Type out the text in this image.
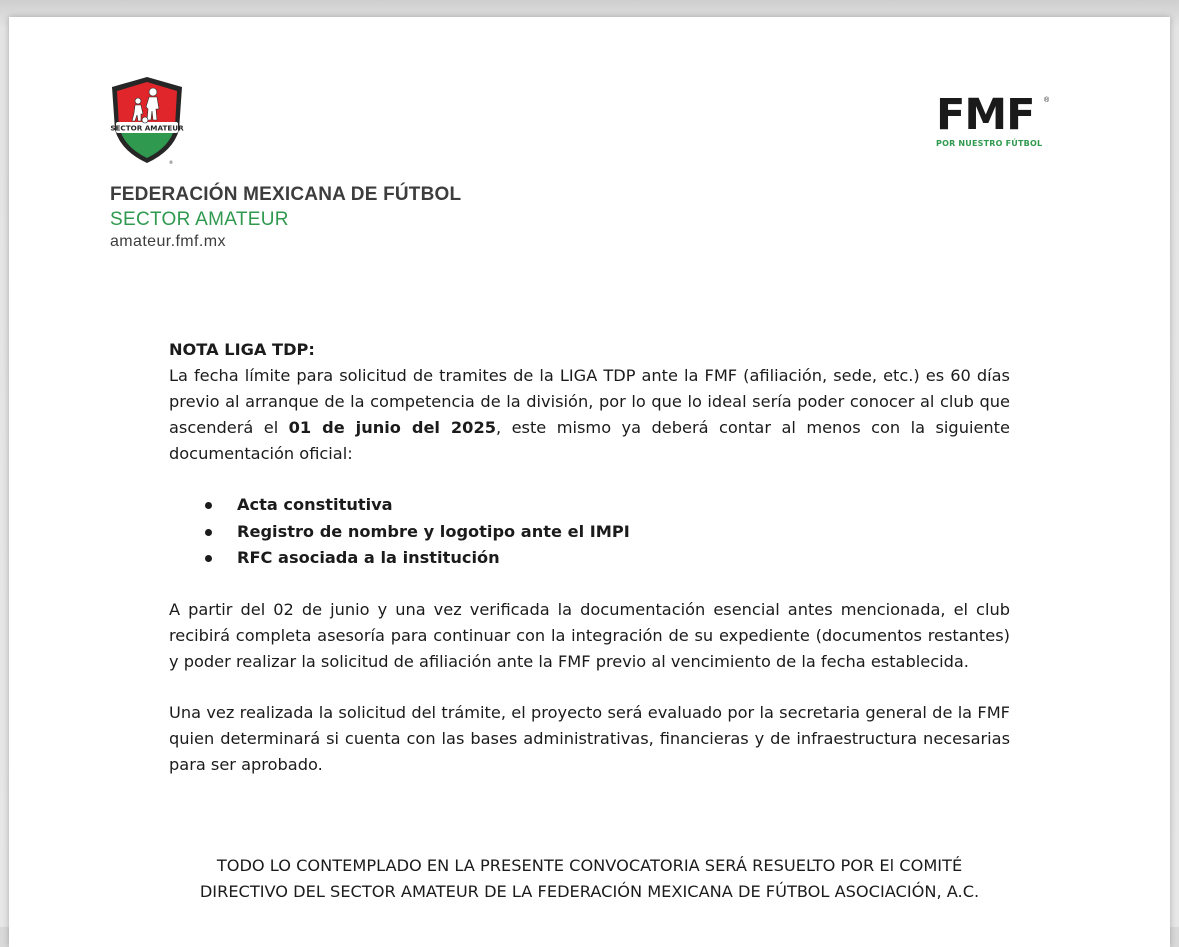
SECTOR AMATEUR
®
FEDERACIÓN MEXICANA DE FÚTBOL
SECTOR AMATEUR
amateur.fmf.mx
FMF	®
POR NUESTRO FÚTBOL

NOTA LIGA TDP:

La fecha límite para solicitud de tramites de la LIGA TDP ante la FMF (afiliación, sede, etc.) es 60 días previo al arranque de la competencia de la división, por lo que lo ideal sería poder conocer al club que ascenderá el 01 de junio del 2025, este mismo ya deberá contar al menos con la siguiente documentación oficial:

Acta constitutiva
Registro de nombre y logotipo ante el IMPI
RFC asociada a la institución

A partir del 02 de junio y una vez verificada la documentación esencial antes mencionada, el club recibirá completa asesoría para continuar con la integración de su expediente (documentos restantes) y poder realizar la solicitud de afiliación ante la FMF previo al vencimiento de la fecha establecida.

Una vez realizada la solicitud del trámite, el proyecto será evaluado por la secretaria general de la FMF quien determinará si cuenta con las bases administrativas, financieras y de infraestructura necesarias para ser aprobado.

TODO LO CONTEMPLADO EN LA PRESENTE CONVOCATORIA SERÁ RESUELTO POR El COMITÉ
DIRECTIVO DEL SECTOR AMATEUR DE LA FEDERACIÓN MEXICANA DE FÚTBOL ASOCIACIÓN, A.C.
